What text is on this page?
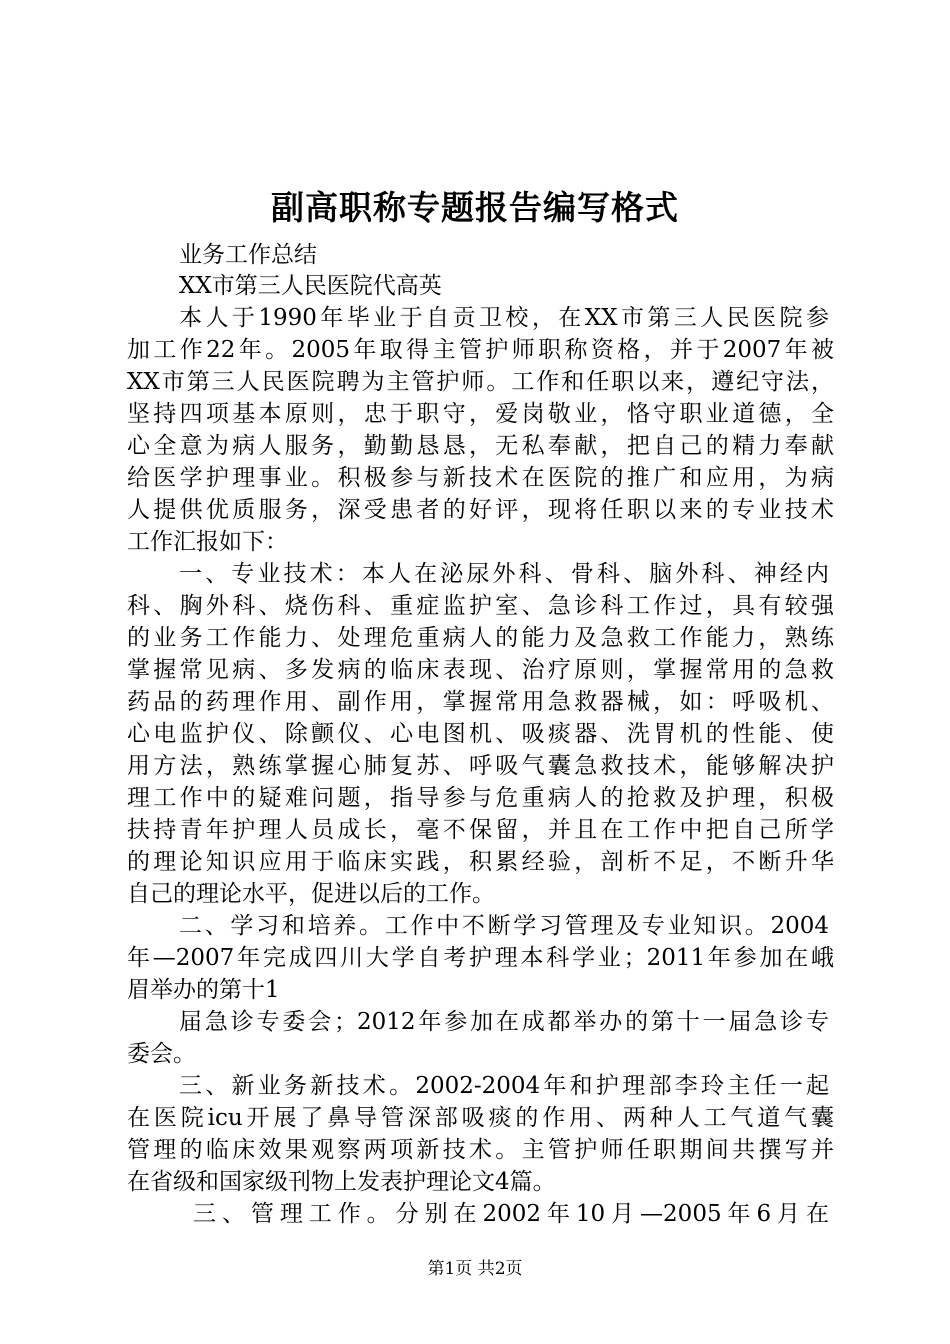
副高职称专题报告编写格式
业务工作总结
XX市第三人民医院代高英
本人于1990年毕业于自贡卫校，在XX市第三人民医院参
加工作22年。2005年取得主管护师职称资格，并于2007年被
XX市第三人民医院聘为主管护师。工作和任职以来，遵纪守法，
坚持四项基本原则，忠于职守，爱岗敬业，恪守职业道德，全
心全意为病人服务，勤勤恳恳，无私奉献，把自己的精力奉献
给医学护理事业。积极参与新技术在医院的推广和应用，为病
人提供优质服务，深受患者的好评，现将任职以来的专业技术
工作汇报如下：
一、专业技术：本人在泌尿外科、骨科、脑外科、神经内
科、胸外科、烧伤科、重症监护室、急诊科工作过，具有较强
的业务工作能力、处理危重病人的能力及急救工作能力，熟练
掌握常见病、多发病的临床表现、治疗原则，掌握常用的急救
药品的药理作用、副作用，掌握常用急救器械，如：呼吸机、
心电监护仪、除颤仪、心电图机、吸痰器、洗胃机的性能、使
用方法，熟练掌握心肺复苏、呼吸气囊急救技术，能够解决护
理工作中的疑难问题，指导参与危重病人的抢救及护理，积极
扶持青年护理人员成长，毫不保留，并且在工作中把自己所学
的理论知识应用于临床实践，积累经验，剖析不足，不断升华
自己的理论水平，促进以后的工作。
二、学习和培养。工作中不断学习管理及专业知识。2004
年—2007年完成四川大学自考护理本科学业；2011年参加在峨
眉举办的第十1
届急诊专委会；2012年参加在成都举办的第十一届急诊专
委会。
三、新业务新技术。2002-2004年和护理部李玲主任一起
在医院icu开展了鼻导管深部吸痰的作用、两种人工气道气囊
管理的临床效果观察两项新技术。主管护师任职期间共撰写并
在省级和国家级刊物上发表护理论文4篇。
三、管理工作。分别在2002年10月—2005年6月在
第1页 共2页
